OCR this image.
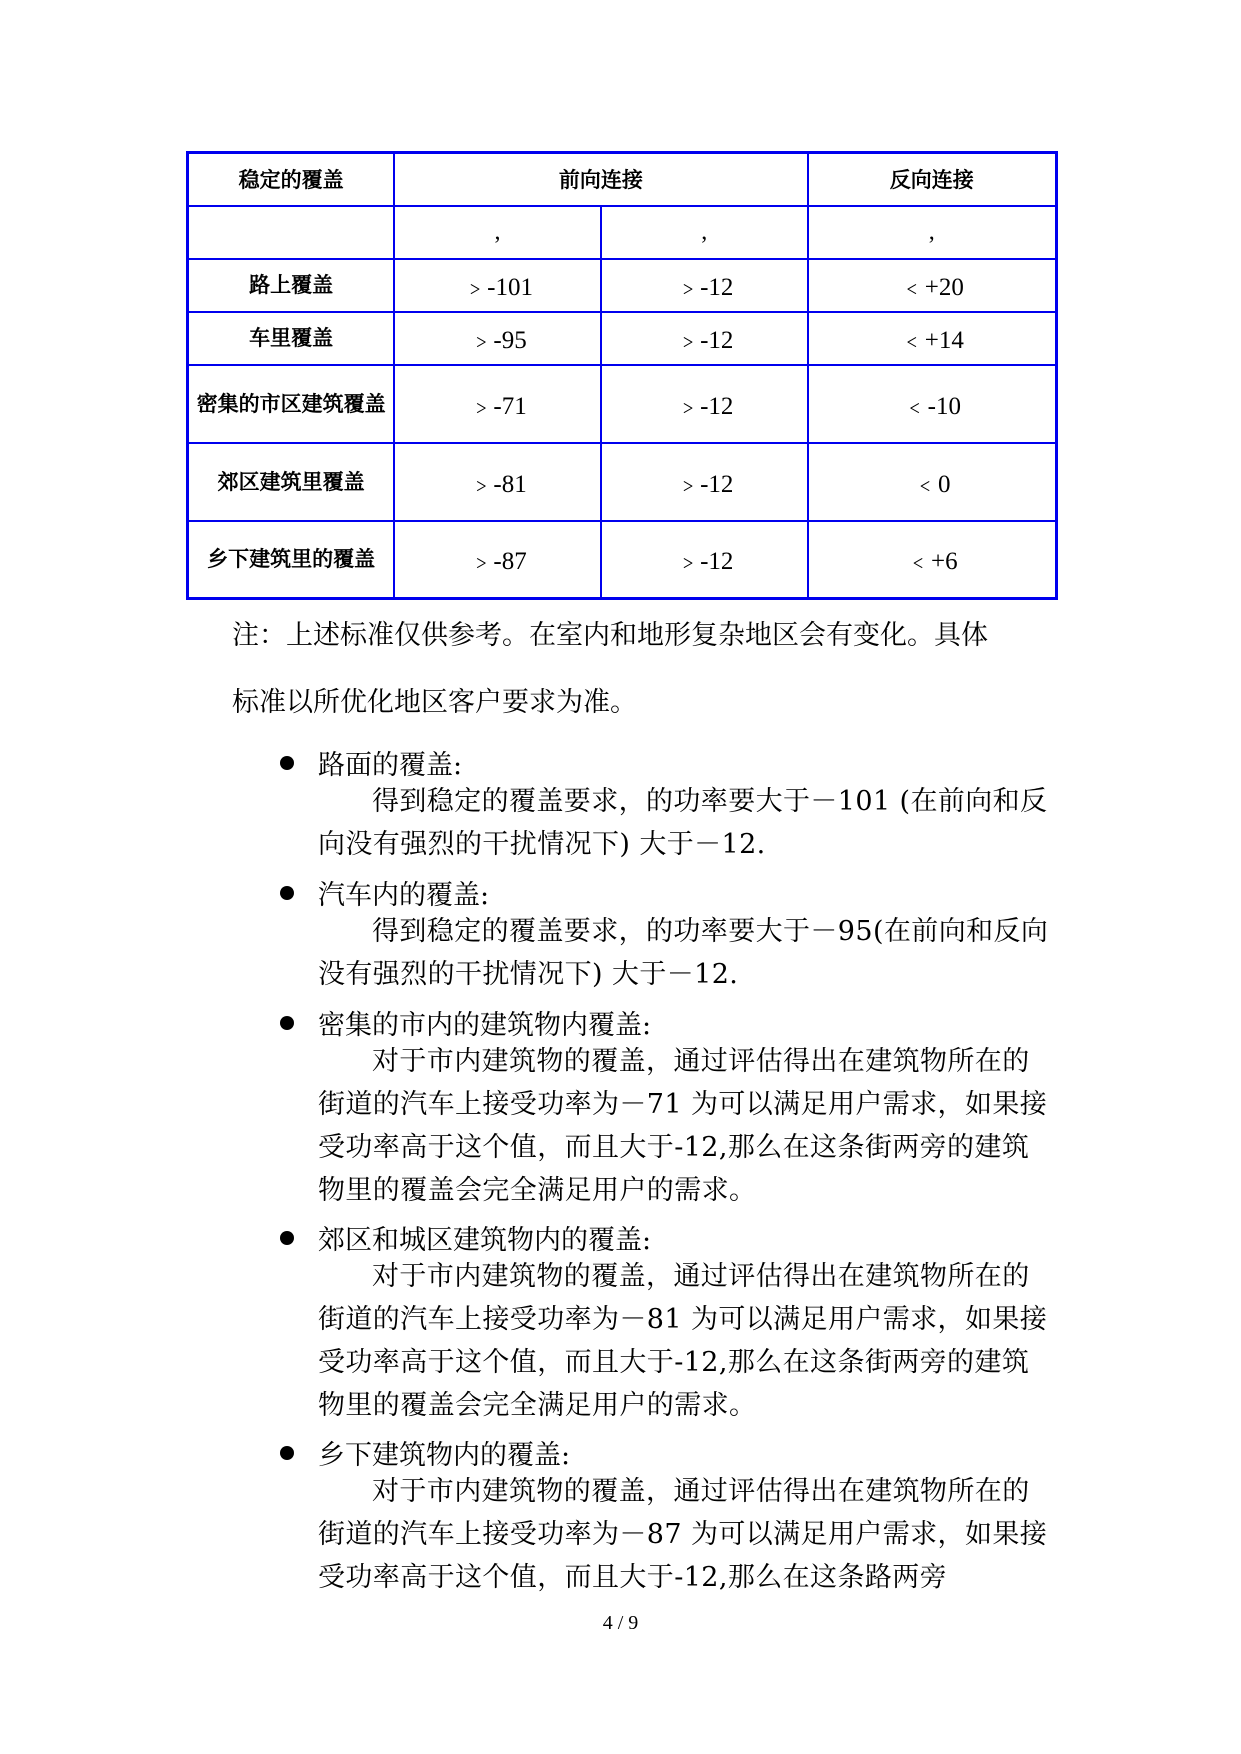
稳定的覆盖	前向连接		反向连接
	,	,	,
路上覆盖	﹥-101	﹥-12	﹤+20
车里覆盖	﹥-95	﹥-12	﹤+14
密集的市区建筑覆盖	﹥-71	﹥-12	﹤-10
郊区建筑里覆盖	﹥-81	﹥-12	﹤0
乡下建筑里的覆盖	﹥-87	﹥-12	﹤+6

注：上述标准仅供参考。在室内和地形复杂地区会有变化。具体

标准以所优化地区客户要求为准。

路面的覆盖:

得到稳定的覆盖要求，的功率要大于－101 (在前向和反向没有强烈的干扰情况下) 大于－12.

汽车内的覆盖:

得到稳定的覆盖要求，的功率要大于－95(在前向和反向没有强烈的干扰情况下) 大于－12.

密集的市内的建筑物内覆盖:

对于市内建筑物的覆盖，通过评估得出在建筑物所在的街道的汽车上接受功率为－71 为可以满足用户需求，如果接受功率高于这个值，而且大于-12,那么在这条街两旁的建筑物里的覆盖会完全满足用户的需求。

郊区和城区建筑物内的覆盖:

对于市内建筑物的覆盖，通过评估得出在建筑物所在的街道的汽车上接受功率为－81 为可以满足用户需求，如果接受功率高于这个值，而且大于-12,那么在这条街两旁的建筑物里的覆盖会完全满足用户的需求。

乡下建筑物内的覆盖:

对于市内建筑物的覆盖，通过评估得出在建筑物所在的街道的汽车上接受功率为－87 为可以满足用户需求，如果接受功率高于这个值，而且大于-12,那么在这条路两旁

4 / 9
